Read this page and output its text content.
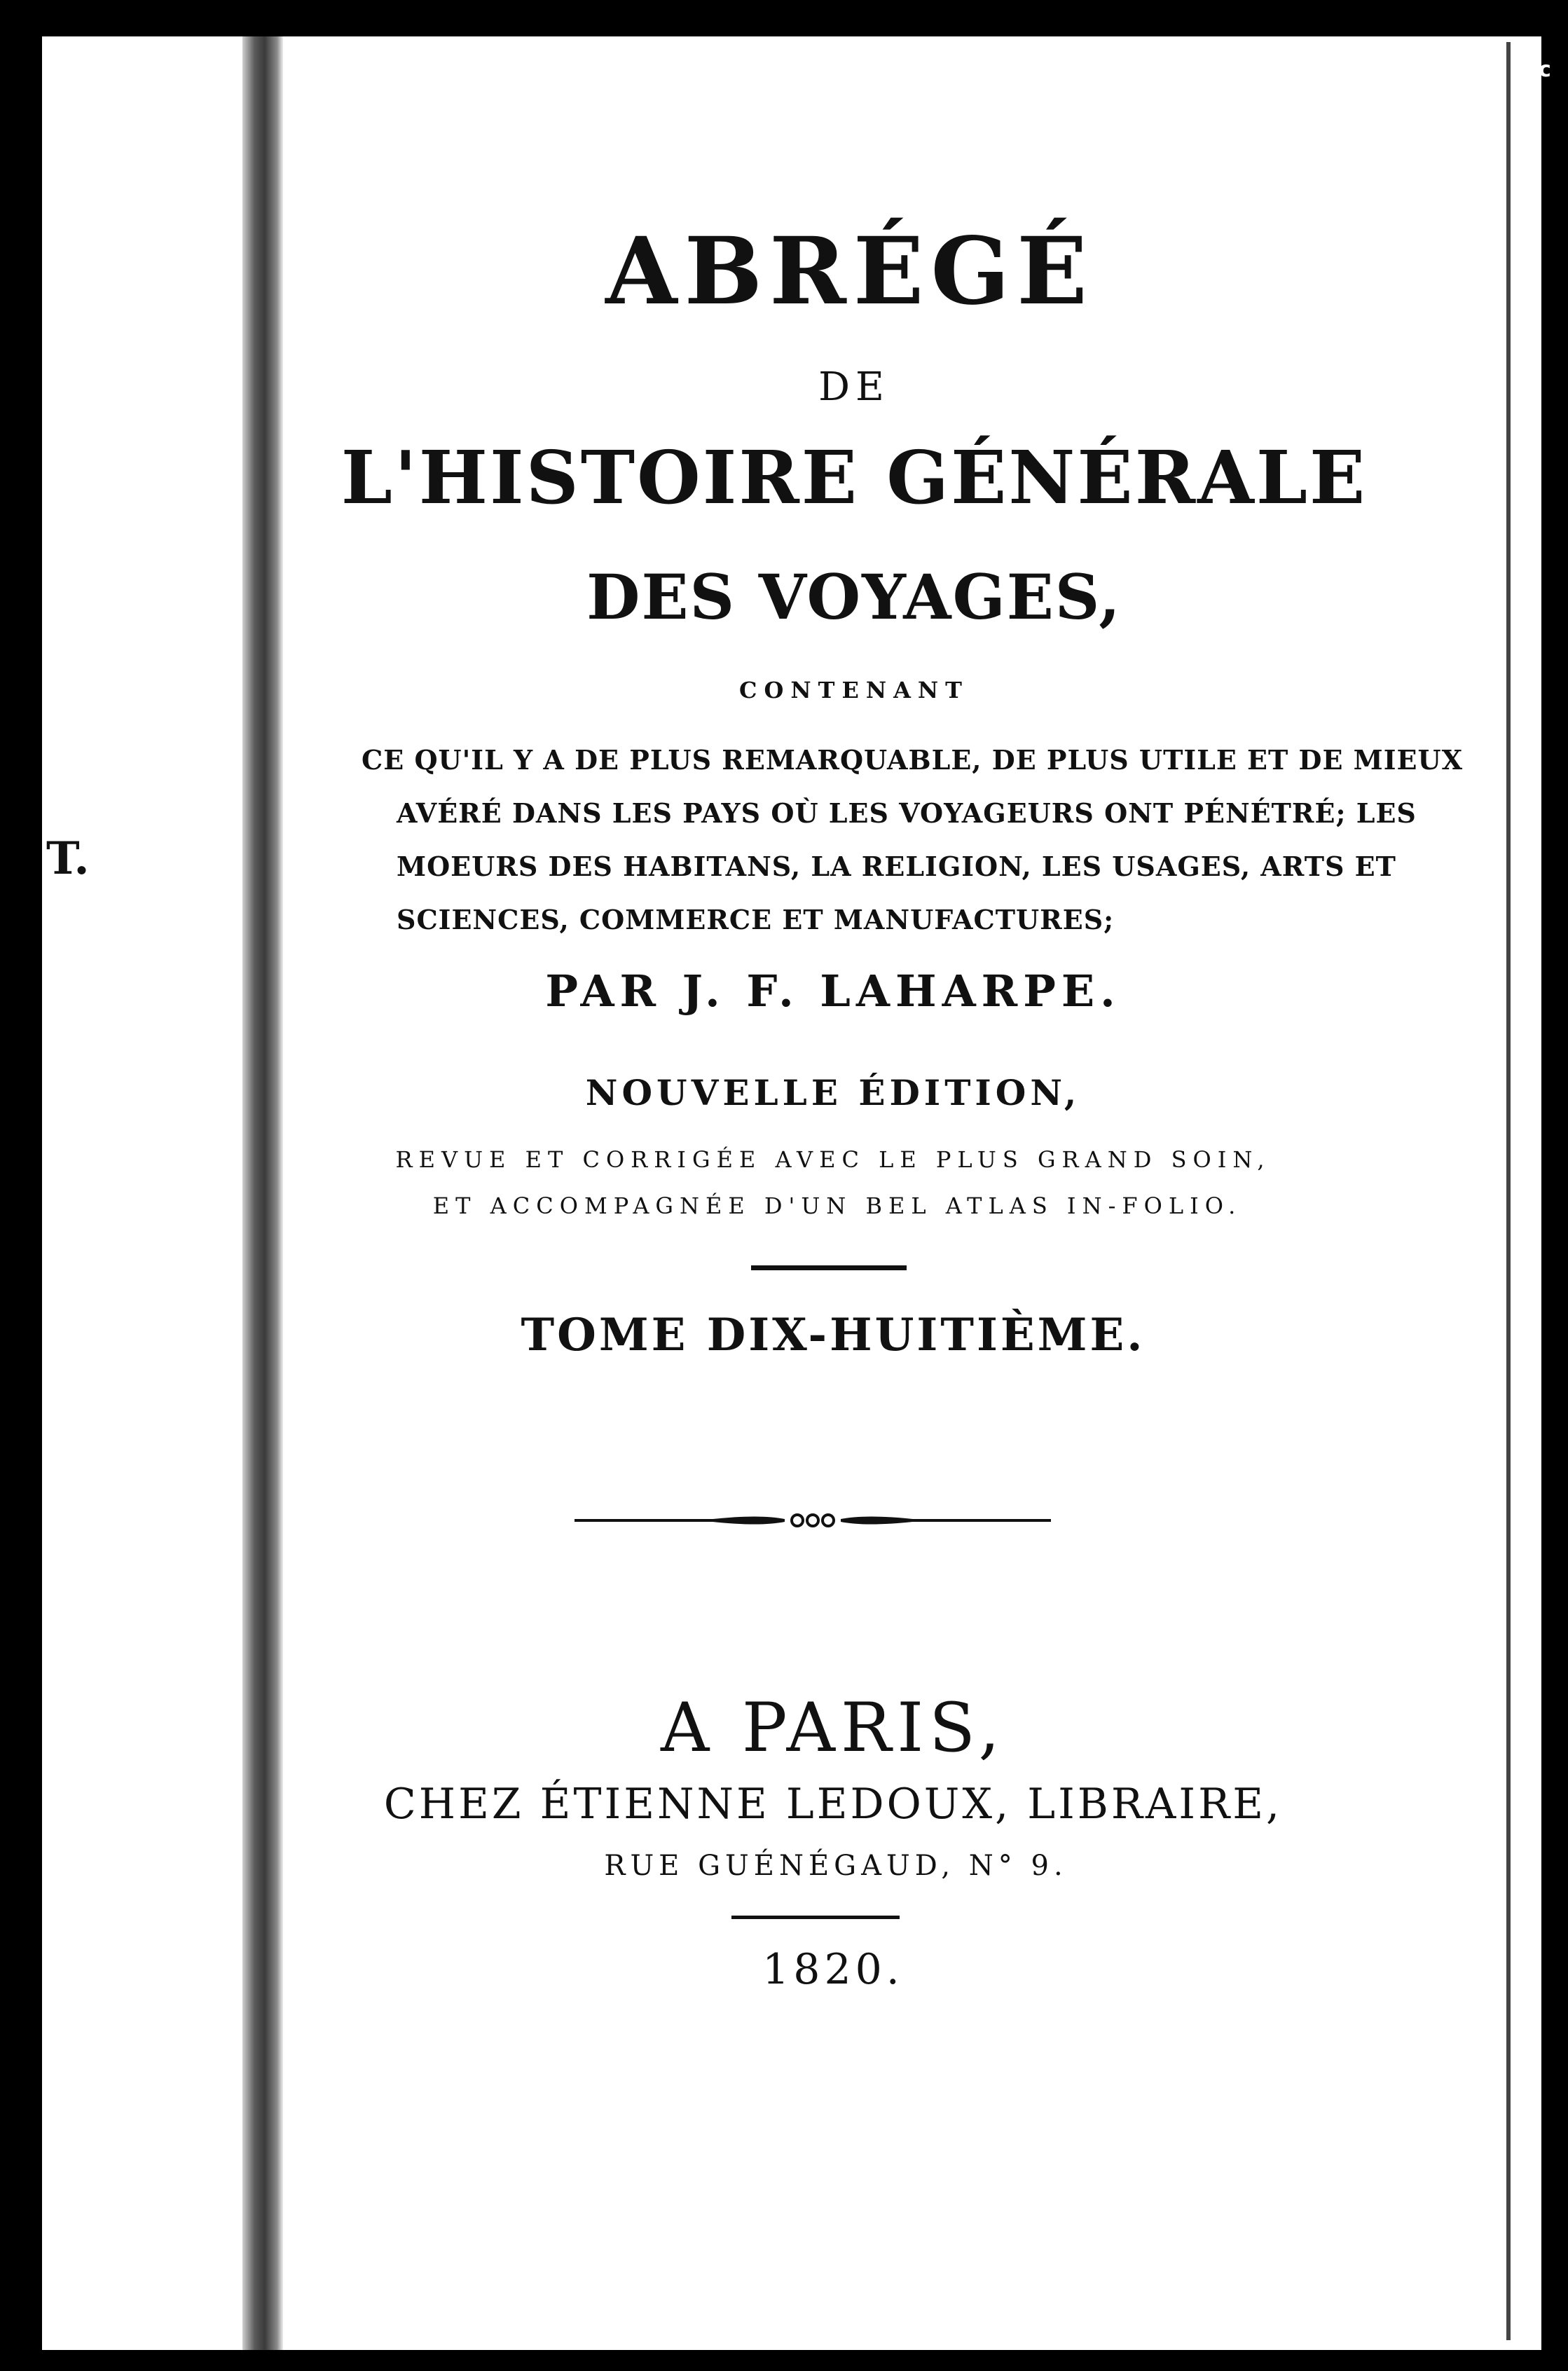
c
T.
ABRÉGÉ
DE
L'HISTOIRE GÉNÉRALE
DES VOYAGES,
CONTENANT
CE QU'IL Y A DE PLUS REMARQUABLE, DE PLUS UTILE ET DE MIEUX
AVÉRÉ DANS LES PAYS OÙ LES VOYAGEURS ONT PÉNÉTRÉ; LES
MOEURS DES HABITANS, LA RELIGION, LES USAGES, ARTS ET
SCIENCES, COMMERCE ET MANUFACTURES;
PAR J. F. LAHARPE.
NOUVELLE ÉDITION,
REVUE ET CORRIGÉE AVEC LE PLUS GRAND SOIN,
ET ACCOMPAGNÉE D'UN BEL ATLAS IN-FOLIO.
TOME DIX-HUITIÈME.
A PARIS,
CHEZ ÉTIENNE LEDOUX, LIBRAIRE,
RUE GUÉNÉGAUD, N° 9.
1820.
